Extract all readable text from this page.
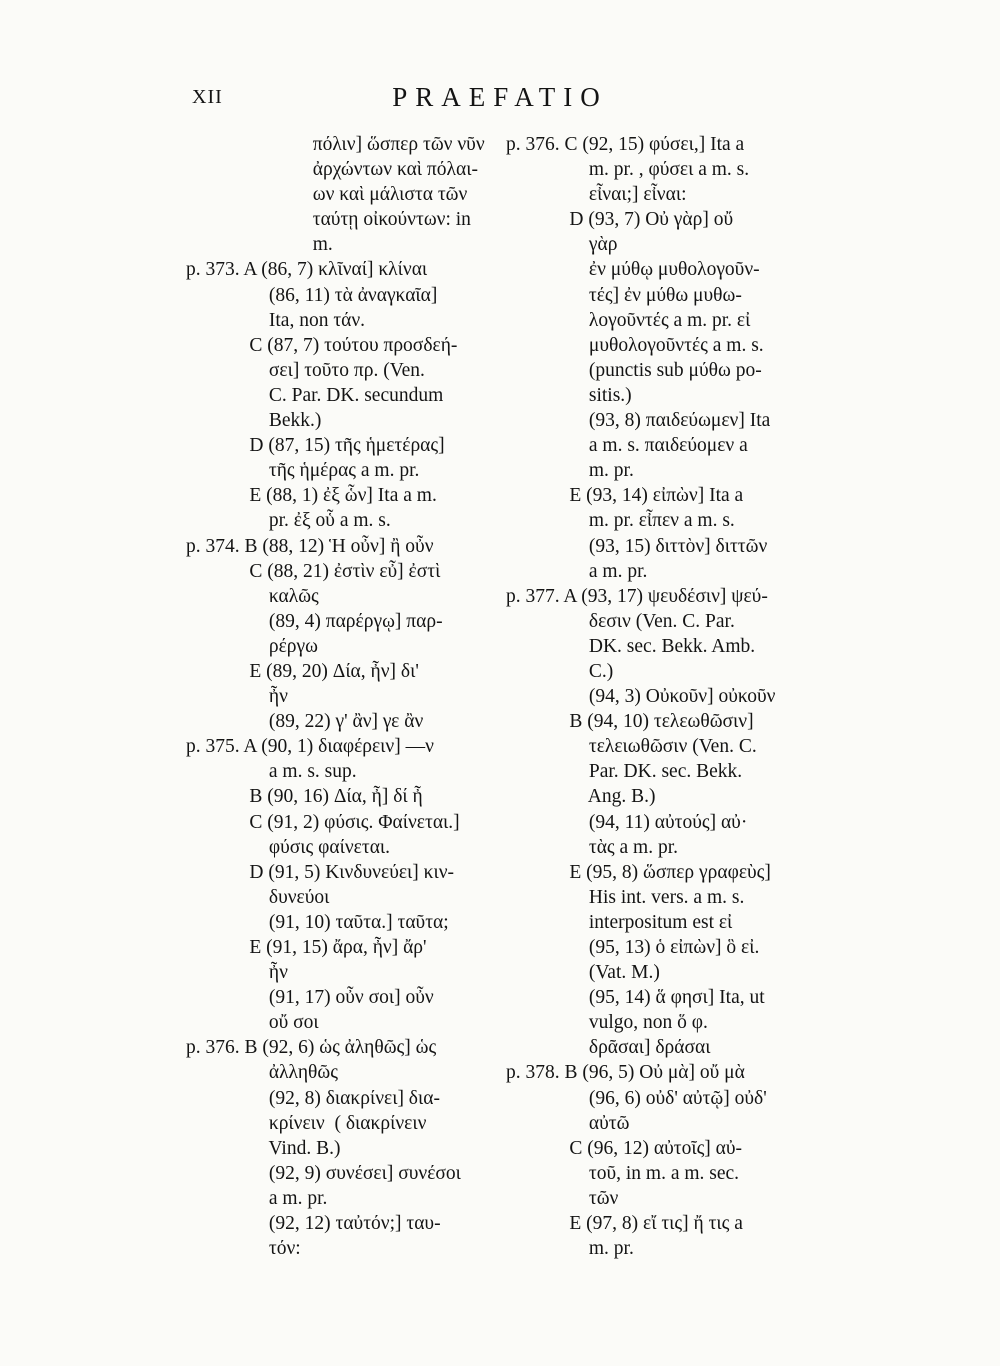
XII	PRAEFATIO
πόλιν] ὥσπερ τῶν νῦν
ἀρχώντων καὶ πόλαι-
ων καὶ μάλιστα τῶν
ταύτῃ οἰκούντων: in
m.
p. 373. A (86, 7) κλῖναί] κλίναι
(86, 11) τὰ ἀναγκαῖα]
Ita, non τάν.
C (87, 7) τούτου προσδεή-
σει] τοῦτο πρ. (Ven.
C. Par. DK. secundum
Bekk.)
D (87, 15) τῆς ἡμετέρας]
τῆς ἡμέρας a m. pr.
E (88, 1) ἐξ ὧν] Ita a m.
pr. ἐξ οὗ a m. s.
p. 374. B (88, 12) Ἡ οὖν] ἢ οὖν
C (88, 21) ἐστὶν εὖ] ἐστὶ
καλῶς
(89, 4) παρέργῳ] παρ-
ρέργω
E (89, 20) Δία, ἦν] δι'
ἦν
(89, 22) γ' ἂν] γε ἂν
p. 375. A (90, 1) διαφέρειν] —ν
a m. s. sup.
B (90, 16) Δία, ἦ] δί ἦ
C (91, 2) φύσις. Φαίνεται.]
φύσις φαίνεται.
D (91, 5) Κινδυνεύει] κιν-
δυνεύοι
(91, 10) ταῦτα.] ταῦτα;
E (91, 15) ἄρα, ἦν] ἄρ'
ἦν
(91, 17) οὖν σοι] οὖν
οὔ σοι
p. 376. B (92, 6) ὡς ἀληθῶς] ὡς
ἀλληθῶς
(92, 8) διακρίνει] δια-
κρίνειν  ( διακρίνειν
Vind. B.)
(92, 9) συνέσει] συνέσοι
a m. pr.
(92, 12) ταὐτόν;] ταυ-
τόν:
p. 376. C (92, 15) φύσει,] Ita a
m. pr. , φύσει a m. s.
εἶναι;] εἶναι:
D (93, 7) Οὐ γὰρ] οὔ
γὰρ
ἐν μύθῳ μυθολογοῦν-
τές] ἐν μύθω μυθω-
λογοῦντές a m. pr. εἰ
μυθολογοῦντές a m. s.
(punctis sub μύθω po-
sitis.)
(93, 8) παιδεύωμεν] Ita
a m. s. παιδεύομεν a
m. pr.
E (93, 14) εἰπὼν] Ita a
m. pr. εἶπεν a m. s.
(93, 15) διττὸν] διττῶν
a m. pr.
p. 377. A (93, 17) ψευδέσιν] ψεύ-
δεσιν (Ven. C. Par.
DK. sec. Bekk. Amb.
C.)
(94, 3) Οὐκοῦν] οὐκοῦν
B (94, 10) τελεωθῶσιν]
τελειωθῶσιν (Ven. C.
Par. DK. sec. Bekk.
Ang. B.)
(94, 11) αὐτούς] αὐ·
τὰς a m. pr.
E (95, 8) ὥσπερ γραφεὺς]
His int. vers. a m. s.
interpositum est εἰ
(95, 13) ὁ εἰπὼν] ὃ εἰ.
(Vat. M.)
(95, 14) ἅ φησι] Ita, ut
vulgo, non ὅ φ.
δρᾶσαι] δράσαι
p. 378. B (96, 5) Οὐ μὰ] οὔ μὰ
(96, 6) οὐδ' αὐτῷ] οὐδ'
αὐτῶ
C (96, 12) αὐτοῖς] αὐ-
τοῦ, in m. a m. sec.
τῶν
E (97, 8) εἴ τις] ἤ τις a
m. pr.
